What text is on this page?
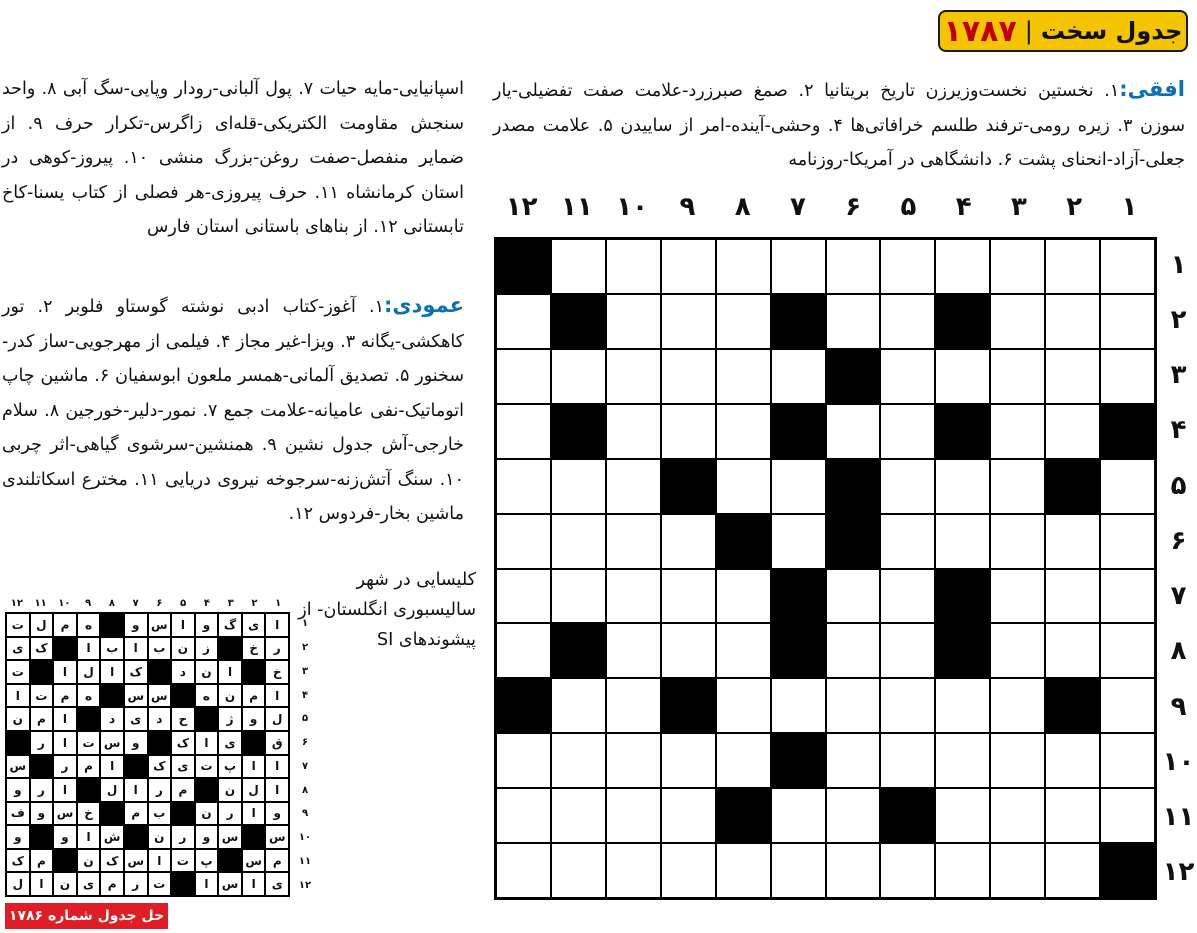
جدول سخت
|
۱۷۸۷
افقی:۱. نخستین نخست‌وزیرزن تاریخ بریتانیا ۲. صمغ صبرزرد-علامت صفت تفضیلی-یار سوزن ۳. زیره رومی-ترفند طلسم خرافاتی‌ها ۴. وحشی-آینده-امر از ساییدن ۵. علامت مصدر جعلی-آزاد-انحنای پشت ۶. دانشگاهی در آمریکا-روزنامه
اسپانیایی-مایه حیات ۷. پول آلبانی-رودار وپایی-سگ آبی ۸. واحد سنجش مقاومت الکتریکی-قله‌ای زاگرس-تکرار حرف ۹. از ضمایر منفصل-صفت روغن-بزرگ منشی ۱۰. پیروز-کوهی در استان کرمانشاه ۱۱. حرف پیروزی-هر فصلی از کتاب یسنا-کاخ تابستانی ۱۲. از بناهای باستانی استان فارس
عمودی:۱. آغوز-کتاب ادبی نوشته گوستاو فلوبر ۲. تور کاهکشی-یگانه ۳. ویزا-غیر مجاز ۴. فیلمی از مهرجویی-ساز کدر-سخنور ۵. تصدیق آلمانی-همسر ملعون ابوسفیان ۶. ماشین چاپ اتوماتیک-نفی عامیانه-علامت جمع ۷. نمور-دلیر-خورجین ۸. سلام خارجی-آش جدول نشین ۹. همنشین-سرشوی گیاهی-اثر چربی ۱۰. سنگ آتش‌زنه-سرجوخه نیروی دریایی ۱۱. مخترع اسکاتلندی ماشین بخار-فردوس ۱۲.
کلیسایی در شهر سالیسبوری انگلستان- از پیشوندهای SI
۱
۲
۳
۴
۵
۶
۷
۸
۹
۱۰
۱۱
۱۲
۱
۲
۳
۴
۵
۶
۷
۸
۹
۱۰
۱۱
۱۲
۱
۲
۳
۴
۵
۶
۷
۸
۹
۱۰
۱۱
۱۲
۱
۲
۳
۴
۵
۶
۷
۸
۹
۱۰
۱۱
۱۲
ا
ی
گ
و
ا
س
و
ه
م
ل
ت
ر
خ
ز
ن
ب
ا
ب
ا
ک
ی
خ
ا
ن
د
ک
ا
ل
ا
ت
ا
م
ن
ه
س
س
ه
م
ت
ا
ل
و
ژ
ح
د
ی
د
ا
م
ن
ق
ی
ا
ک
و
س
ت
ا
ر
ا
ا
پ
ت
ی
ک
ا
م
ر
س
ا
ل
ن
م
ر
ا
ل
ا
ر
و
و
ا
ر
ن
ب
م
خ
س
و
ف
س
س
و
ر
ن
ش
ا
و
و
م
س
پ
ت
ا
س
ک
ن
م
ک
ی
ا
س
ا
ت
ر
م
ی
ن
ا
ل
حل جدول شماره ۱۷۸۶
